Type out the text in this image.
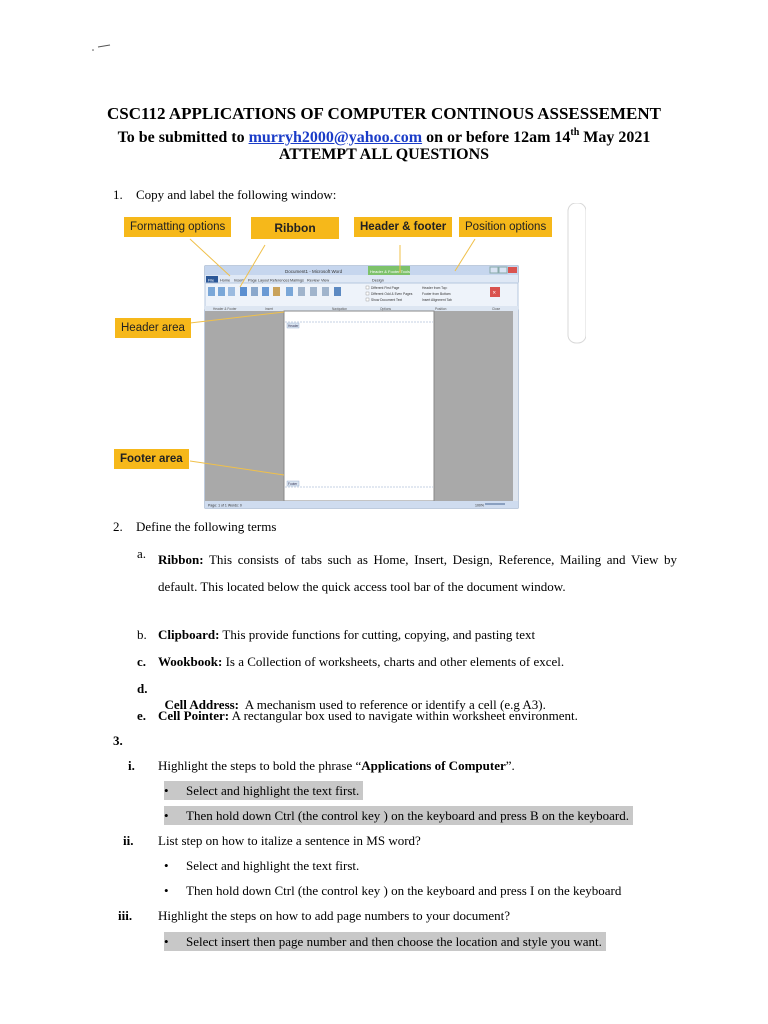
CSC112 APPLICATIONS OF COMPUTER CONTINOUS ASSESSEMENT
To be submitted to murryh2000@yahoo.com on or before 12am 14th May 2021
ATTEMPT ALL QUESTIONS
1. Copy and label the following window:
Document1 - Microsoft Word	Header & Footer Tools
File Home Insert Page Layout References Mailings Review View	Design
Header & Footer	Insert	Navigation	Options	Position	Close
Different First Page
Different Odd & Even Pages
Show Document Text
Header from Top:
Footer from Bottom:
Insert Alignment Tab
×
Header
Footer
Page: 1 of 1 Words: 0	100%
Formatting options	Ribbon	Header & footer	Position options
Header area
Footer area
2. Define the following terms
a. Ribbon: This consists of tabs such as Home, Insert, Design, Reference, Mailing and View by default. This located below the quick access tool bar of the document window.
b. Clipboard: This provide functions for cutting, copying, and pasting text
c. Wookbook: Is a Collection of worksheets, charts and other elements of excel.
d.

Cell Address:  A mechanism used to reference or identify a cell (e.g A3).

e. Cell Pointer: A rectangular box used to navigate within worksheet environment.
3.
i. Highlight the steps to bold the phrase “Applications of Computer”.
• Select and highlight the text first.
• Then hold down Ctrl (the control key ) on the keyboard and press B on the keyboard.
ii. List step on how to italize a sentence in MS word?
• Select and highlight the text first.
• Then hold down Ctrl (the control key ) on the keyboard and press I on the keyboard
iii. Highlight the steps on how to add page numbers to your document?
• Select insert then page number and then choose the location and style you want.
